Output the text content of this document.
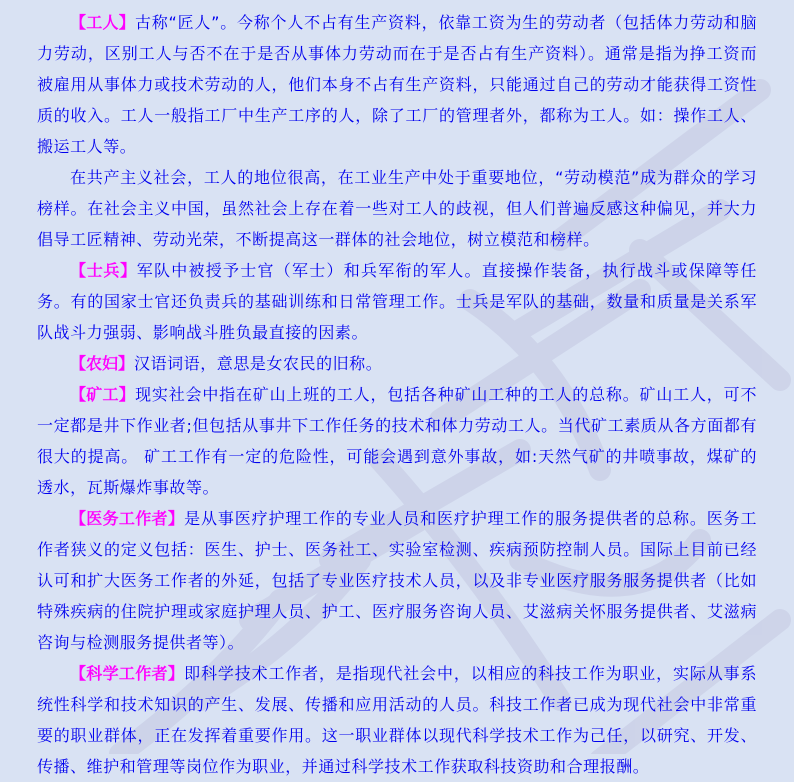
【工人】古称“匠人”。今称个人不占有生产资料，依靠工资为生的劳动者（包括体力劳动和脑力劳动，区别工人与否不在于是否从事体力劳动而在于是否占有生产资料）。通常是指为挣工资而被雇用从事体力或技术劳动的人，他们本身不占有生产资料，只能通过自己的劳动才能获得工资性质的收入。工人一般指工厂中生产工序的人，除了工厂的管理者外，都称为工人。如：操作工人、搬运工人等。

在共产主义社会，工人的地位很高，在工业生产中处于重要地位，“劳动模范”成为群众的学习榜样。在社会主义中国，虽然社会上存在着一些对工人的歧视，但人们普遍反感这种偏见，并大力倡导工匠精神、劳动光荣，不断提高这一群体的社会地位，树立模范和榜样。

【士兵】军队中被授予士官（军士）和兵军衔的军人。直接操作装备，执行战斗或保障等任务。有的国家士官还负责兵的基础训练和日常管理工作。士兵是军队的基础，数量和质量是关系军队战斗力强弱、影响战斗胜负最直接的因素。

【农妇】汉语词语，意思是女农民的旧称。

【矿工】现实社会中指在矿山上班的工人，包括各种矿山工种的工人的总称。矿山工人，可不一定都是井下作业者;但包括从事井下工作任务的技术和体力劳动工人。当代矿工素质从各方面都有很大的提高。 矿工工作有一定的危险性，可能会遇到意外事故，如:天然气矿的井喷事故，煤矿的透水，瓦斯爆炸事故等。

【医务工作者】是从事医疗护理工作的专业人员和医疗护理工作的服务提供者的总称。医务工作者狭义的定义包括：医生、护士、医务社工、实验室检测、疾病预防控制人员。国际上目前已经认可和扩大医务工作者的外延，包括了专业医疗技术人员，以及非专业医疗服务服务提供者（比如特殊疾病的住院护理或家庭护理人员、护工、医疗服务咨询人员、艾滋病关怀服务提供者、艾滋病咨询与检测服务提供者等）。

【科学工作者】即科学技术工作者，是指现代社会中，以相应的科技工作为职业，实际从事系统性科学和技术知识的产生、发展、传播和应用活动的人员。科技工作者已成为现代社会中非常重要的职业群体，正在发挥着重要作用。这一职业群体以现代科学技术工作为己任，以研究、开发、传播、维护和管理等岗位作为职业，并通过科学技术工作获取科技资助和合理报酬。
